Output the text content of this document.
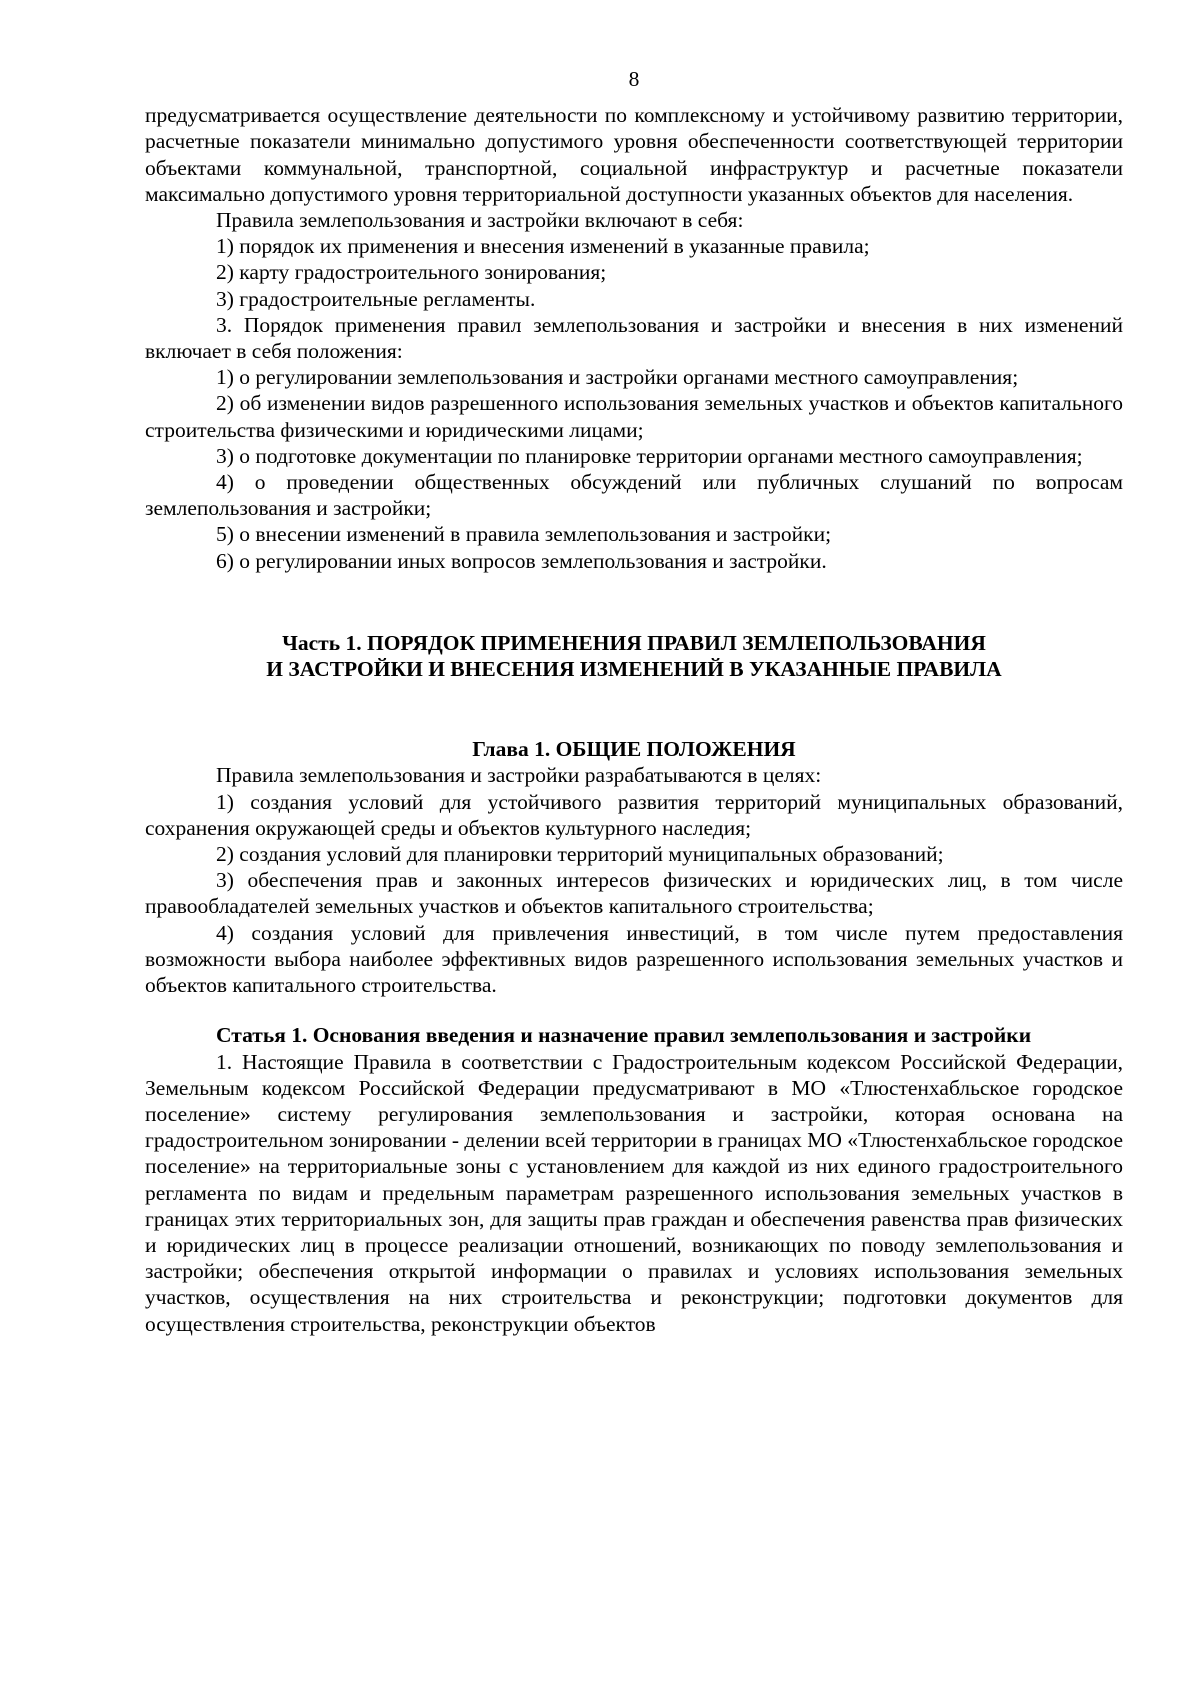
8

предусматривается осуществление деятельности по комплексному и устойчивому развитию территории, расчетные показатели минимально допустимого уровня обеспеченности соответствующей территории объектами коммунальной, транспортной, социальной инфраструктур и расчетные показатели максимально допустимого уровня территориальной доступности указанных объектов для населения.

Правила землепользования и застройки включают в себя:

1) порядок их применения и внесения изменений в указанные правила;

2) карту градостроительного зонирования;

3) градостроительные регламенты.

3. Порядок применения правил землепользования и застройки и внесения в них изменений включает в себя положения:

1) о регулировании землепользования и застройки органами местного самоуправления;

2) об изменении видов разрешенного использования земельных участков и объектов капитального строительства физическими и юридическими лицами;

3) о подготовке документации по планировке территории органами местного самоуправления;

4) о проведении общественных обсуждений или публичных слушаний по вопросам землепользования и застройки;

5) о внесении изменений в правила землепользования и застройки;

6) о регулировании иных вопросов землепользования и застройки.

Часть 1. ПОРЯДОК ПРИМЕНЕНИЯ ПРАВИЛ ЗЕМЛЕПОЛЬЗОВАНИЯ
И ЗАСТРОЙКИ И ВНЕСЕНИЯ ИЗМЕНЕНИЙ В УКАЗАННЫЕ ПРАВИЛА
Глава 1. ОБЩИЕ ПОЛОЖЕНИЯ

Правила землепользования и застройки разрабатываются в целях:

1) создания условий для устойчивого развития территорий муниципальных образований, сохранения окружающей среды и объектов культурного наследия;

2) создания условий для планировки территорий муниципальных образований;

3) обеспечения прав и законных интересов физических и юридических лиц, в том числе правообладателей земельных участков и объектов капитального строительства;

4) создания условий для привлечения инвестиций, в том числе путем предоставления возможности выбора наиболее эффективных видов разрешенного использования земельных участков и объектов капитального строительства.

Статья 1. Основания введения и назначение правил землепользования и застройки

1. Настоящие Правила в соответствии с Градостроительным кодексом Российской Федерации, Земельным кодексом Российской Федерации предусматривают в МО «Тлюстенхабльское городское поселение» систему регулирования землепользования и застройки, которая основана на градостроительном зонировании - делении всей территории в границах МО «Тлюстенхабльское городское поселение» на территориальные зоны с установлением для каждой из них единого градостроительного регламента по видам и предельным параметрам разрешенного использования земельных участков в границах этих территориальных зон, для защиты прав граждан и обеспечения равенства прав физических и юридических лиц в процессе реализации отношений, возникающих по поводу землепользования и застройки; обеспечения открытой информации о правилах и условиях использования земельных участков, осуществления на них строительства и реконструкции; подготовки документов для осуществления строительства, реконструкции объектов
